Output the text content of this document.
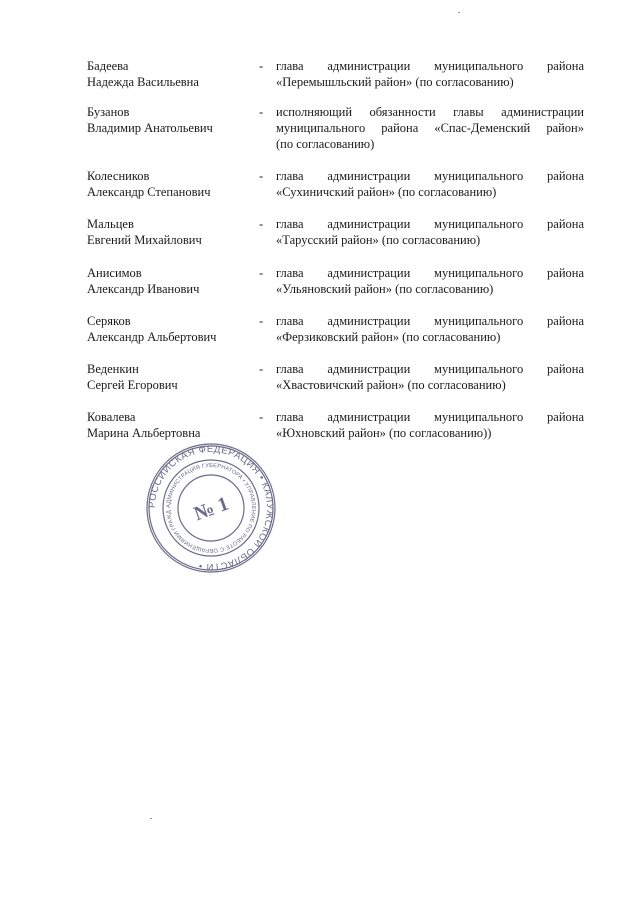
Бадеева
Надежда Васильевна
-	глава администрации муниципального района
«Перемышльский район» (по согласованию)
Бузанов
Владимир Анатольевич
-	исполняющий обязанности главы администрации
муниципального района «Спас-Деменский район»
(по согласованию)
Колесников
Александр Степанович
-	глава администрации муниципального района
«Сухиничский район» (по согласованию)
Мальцев
Евгений Михайлович
-	глава администрации муниципального района
«Тарусский район» (по согласованию)
Анисимов
Александр Иванович
-	глава администрации муниципального района
«Ульяновский район» (по согласованию)
Серяков
Александр Альбертович
-	глава администрации муниципального района
«Ферзиковский район» (по согласованию)
Веденкин
Сергей Егорович
-	глава администрации муниципального района
«Хвастовичский район» (по согласованию)
Ковалева
Марина Альбертовна
-	глава администрации муниципального района
«Юхновский район» (по согласованию))
РОССИЙСКАЯ ФЕДЕРАЦИЯ • КАЛУЖСКОЙ ОБЛАСТИ •
АДМИНИСТРАЦИЯ ГУБЕРНАТОРА • УПРАВЛЕНИЕ ПО РАБОТЕ С ОБРАЩЕНИЯМИ ГРАЖД № 1
